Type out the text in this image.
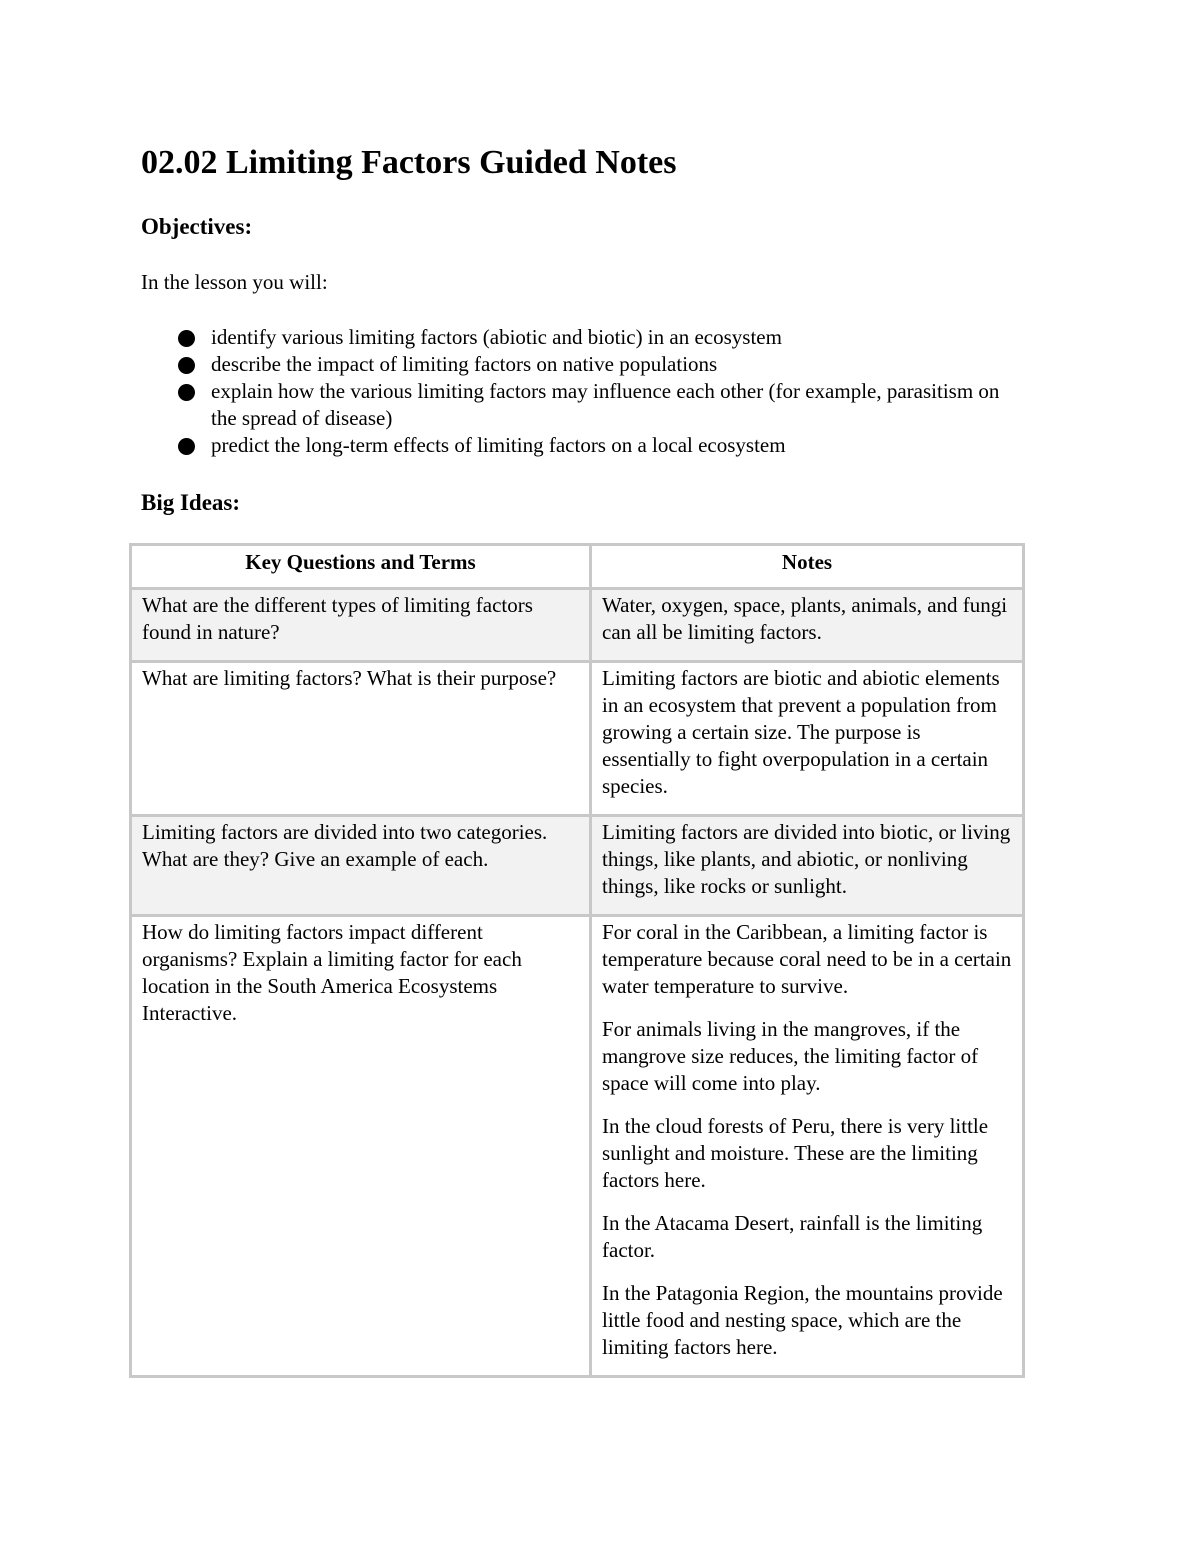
02.02 Limiting Factors Guided Notes
Objectives:

In the lesson you will:

identify various limiting factors (abiotic and biotic) in an ecosystem
describe the impact of limiting factors on native populations
explain how the various limiting factors may influence each other (for example, parasitism on the spread of disease)
predict the long-term effects of limiting factors on a local ecosystem
Big Ideas:
Key Questions and Terms	Notes
What are the different types of limiting factors found in nature?	Water, oxygen, space, plants, animals, and fungi can all be limiting factors.

What are limiting factors? What is their purpose?	Limiting factors are biotic and abiotic elements in an ecosystem that prevent a population from growing a certain size. The purpose is essentially to fight overpopulation in a certain species.

Limiting factors are divided into two categories. What are they? Give an example of each.	Limiting factors are divided into biotic, or living things, like plants, and abiotic, or nonliving things, like rocks or sunlight.

How do limiting factors impact different organisms? Explain a limiting factor for each location in the South America Ecosystems Interactive.	For coral in the Caribbean, a limiting factor is temperature because coral need to be in a certain water temperature to survive.
For animals living in the mangroves, if the mangrove size reduces, the limiting factor of space will come into play.
In the cloud forests of Peru, there is very little sunlight and moisture. These are the limiting factors here.
In the Atacama Desert, rainfall is the limiting factor.
In the Patagonia Region, the mountains provide little food and nesting space, which are the limiting factors here.
